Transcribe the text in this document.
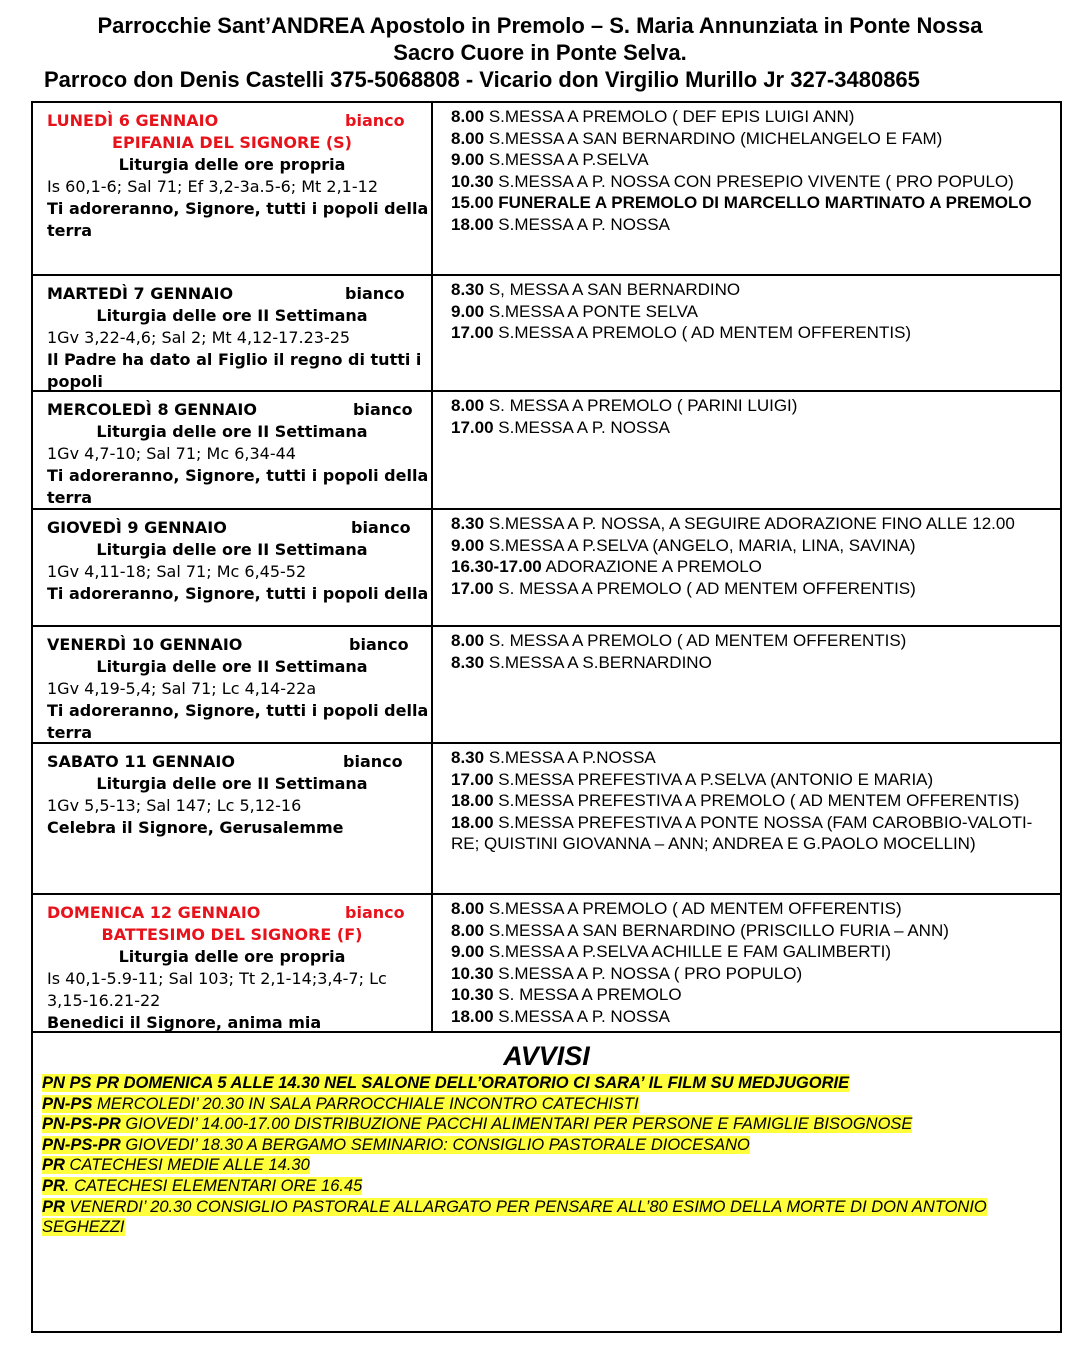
Parrocchie Sant’ANDREA Apostolo in Premolo – S. Maria Annunziata in Ponte Nossa
Sacro Cuore in Ponte Selva.
Parroco don Denis Castelli 375-5068808 - Vicario don Virgilio Murillo Jr 327-3480865
LUNEDÌ 6 GENNAIO	bianco
EPIFANIA DEL SIGNORE (S)
Liturgia delle ore propria
Is 60,1-6; Sal 71; Ef 3,2-3a.5-6; Mt 2,1-12
Ti adoreranno, Signore, tutti i popoli della terra
8.00 S.MESSA A PREMOLO ( DEF EPIS LUIGI ANN)
8.00 S.MESSA A SAN BERNARDINO (MICHELANGELO E FAM)
9.00 S.MESSA A P.SELVA
10.30 S.MESSA A P. NOSSA CON PRESEPIO VIVENTE ( PRO POPULO)
15.00 FUNERALE A PREMOLO DI MARCELLO MARTINATO A PREMOLO
18.00 S.MESSA A P. NOSSA
MARTEDÌ 7 GENNAIO	bianco
Liturgia delle ore II Settimana
1Gv 3,22-4,6; Sal 2; Mt 4,12-17.23-25
Il Padre ha dato al Figlio il regno di tutti i popoli
8.30 S, MESSA A SAN BERNARDINO
9.00 S.MESSA A PONTE SELVA
17.00 S.MESSA A PREMOLO ( AD MENTEM OFFERENTIS)
MERCOLEDÌ 8 GENNAIO	bianco
Liturgia delle ore II Settimana
1Gv 4,7-10; Sal 71; Mc 6,34-44
Ti adoreranno, Signore, tutti i popoli della terra
8.00 S. MESSA A PREMOLO ( PARINI LUIGI)
17.00 S.MESSA A P. NOSSA
GIOVEDÌ 9 GENNAIO	bianco
Liturgia delle ore II Settimana
1Gv 4,11-18; Sal 71; Mc 6,45-52
Ti adoreranno, Signore, tutti i popoli della
8.30 S.MESSA A P. NOSSA, A SEGUIRE ADORAZIONE FINO ALLE 12.00
9.00 S.MESSA A P.SELVA (ANGELO, MARIA, LINA, SAVINA)
16.30-17.00 ADORAZIONE A PREMOLO
17.00 S. MESSA A PREMOLO ( AD MENTEM OFFERENTIS)
VENERDÌ 10 GENNAIO	bianco
Liturgia delle ore II Settimana
1Gv 4,19-5,4; Sal 71; Lc 4,14-22a
Ti adoreranno, Signore, tutti i popoli della terra
8.00 S. MESSA A PREMOLO ( AD MENTEM OFFERENTIS)
8.30 S.MESSA A S.BERNARDINO
SABATO 11 GENNAIO	bianco
Liturgia delle ore II Settimana
1Gv 5,5-13; Sal 147; Lc 5,12-16
Celebra il Signore, Gerusalemme
8.30 S.MESSA A P.NOSSA
17.00 S.MESSA PREFESTIVA A P.SELVA (ANTONIO E MARIA)
18.00 S.MESSA PREFESTIVA A PREMOLO ( AD MENTEM OFFERENTIS)
18.00 S.MESSA PREFESTIVA A PONTE NOSSA (FAM CAROBBIO-VALOTI-RE; QUISTINI GIOVANNA – ANN; ANDREA E G.PAOLO MOCELLIN)
DOMENICA 12 GENNAIO	bianco
BATTESIMO DEL SIGNORE (F)
Liturgia delle ore propria
Is 40,1-5.9-11; Sal 103; Tt 2,1-14;3,4-7; Lc 3,15-16.21-22
Benedici il Signore, anima mia
8.00 S.MESSA A PREMOLO ( AD MENTEM OFFERENTIS)
8.00 S.MESSA A SAN BERNARDINO (PRISCILLO FURIA – ANN)
9.00 S.MESSA A P.SELVA ACHILLE E FAM GALIMBERTI)
10.30 S.MESSA A P. NOSSA ( PRO POPULO)
10.30 S. MESSA A PREMOLO
18.00 S.MESSA A P. NOSSA
AVVISI
PN PS PR DOMENICA 5 ALLE 14.30 NEL SALONE DELL’ORATORIO CI SARA’ IL FILM SU MEDJUGORIE
PN-PS MERCOLEDI’ 20.30 IN SALA PARROCCHIALE INCONTRO CATECHISTI
PN-PS-PR GIOVEDI’ 14.00-17.00 DISTRIBUZIONE PACCHI ALIMENTARI PER PERSONE E FAMIGLIE BISOGNOSE
PN-PS-PR GIOVEDI’ 18.30 A BERGAMO SEMINARIO: CONSIGLIO PASTORALE DIOCESANO
PR CATECHESI MEDIE ALLE 14.30
PR. CATECHESI ELEMENTARI ORE 16.45
PR VENERDI’ 20.30 CONSIGLIO PASTORALE ALLARGATO PER PENSARE ALL’80 ESIMO DELLA MORTE DI DON ANTONIO SEGHEZZI
